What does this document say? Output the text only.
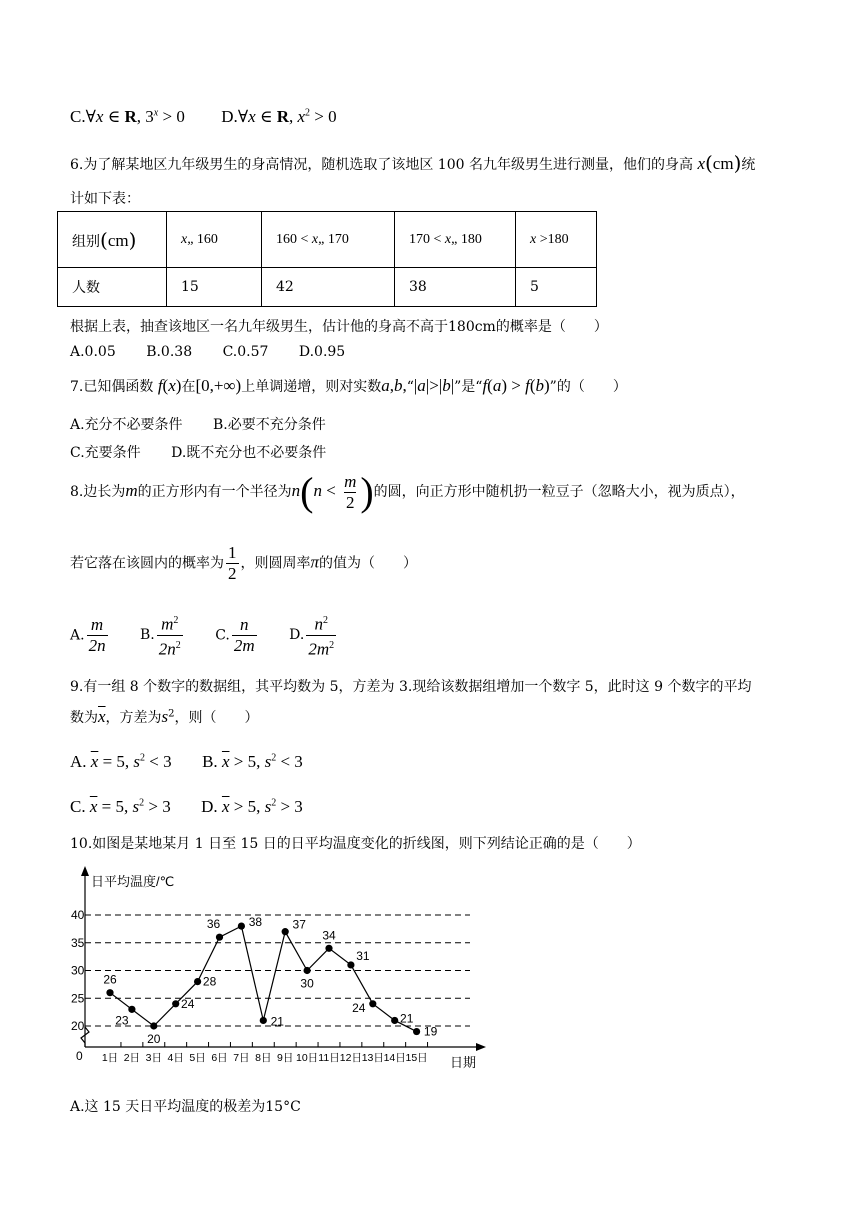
C.∀x ∈ R, $3^x > 0$ D.∀x ∈ R, $x^2 > 0$
6.为了解某地区九年级男生的身高情况，随机选取了该地区 100 名九年级男生进行测量，他们的身高 x(cm)统
计如下表：
组别(cm)	x„ 160	160 < x„ 170	170 < x„ 180	x >180
人数	15	42	38	5
根据上表，抽查该地区一名九年级男生，估计他的身高不高于180cm的概率是（　　）
A.0.05 B.0.38 C.0.57 D.0.95
7.已知偶函数 f(x)在[0,+∞)上单调递增，则对实数a,b,“|a|>|b|”是“f(a) > f(b)”的（　　）
A.充分不必要条件 B.必要不充分条件
C.充要条件 D.既不充分也不必要条件
8.边长为m的正方形内有一个半径为$n(n < \frac{m}{2}$ )的圆，向正方形中随机扔一粒豆子（忽略大小，视为质点），
若它落在该圆内的概率为 $\frac{1}{2}$ ，则圆周率π的值为（　　）
A. $\frac{m}{2n} B$. $\frac{m^2}{2n^2} C$. $\frac{n}{2m} D$. $\frac{n^2}{2m^2}$
9.有一组 8 个数字的数据组，其平均数为 5，方差为 3.现给该数据组增加一个数字 5，此时这 9 个数字的平均
数为$\overline{x}$，方差为$s^2$，则（　　）
A. $\overline{x} = 5$, $s^2 < 3$ B. $\overline{x} > 5$, $s^2 < 3$
C. $\overline{x} = 5$, $s^2 > 3$ D. $\overline{x} > 5$, $s^2 > 3$
10.如图是某地某月 1 日至 15 日的日平均温度变化的折线图，则下列结论正确的是（　　）
0
日平均温度/℃
日期
20
25
30
35
40
1日 2日 3日 4日 5日 6日 7日 8日 9日 10日 11日 12日 13日 14日 15日
26
23
20
24
28
36 38
21
37
30
34
31
24
21
19
A.这 15 天日平均温度的极差为15°C
